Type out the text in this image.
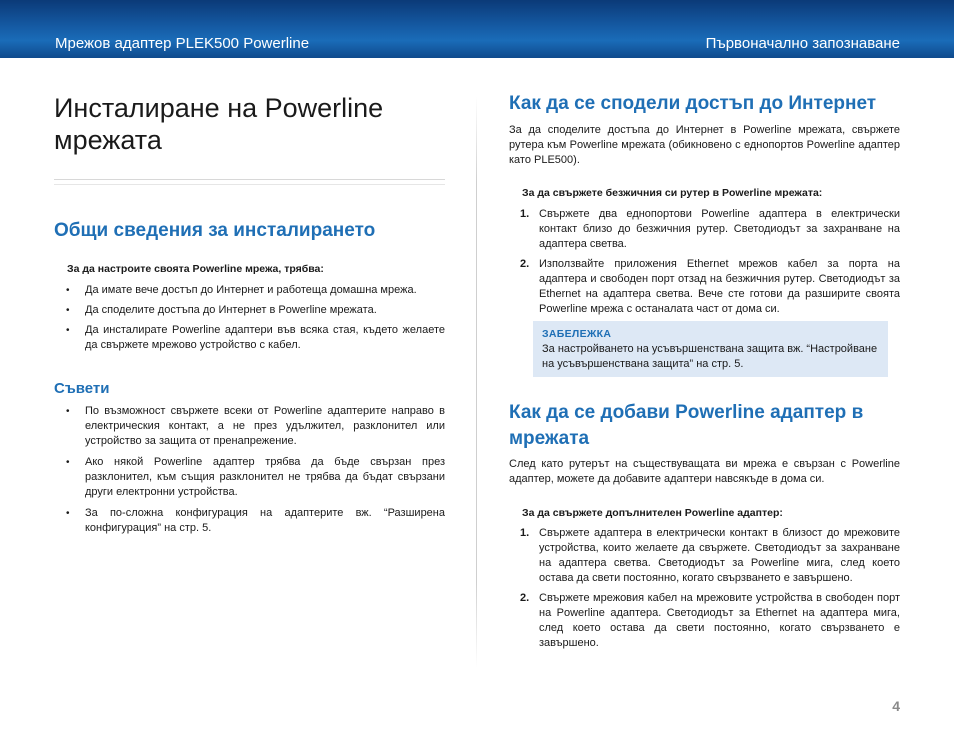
Мрежов адаптер PLEK500 Powerline	Първоначално запознаване
Инсталиране на Powerline мрежата
Общи сведения за инсталирането
За да настроите своята Powerline мрежа, трябва:
• Да имате вече достъп до Интернет и работеща домашна мрежа.
• Да споделите достъпа до Интернет в Powerline мрежата.
• Да инсталирате Powerline адаптери във всяка стая, където желаете да свържете мрежово устройство с кабел.
Съвети
• По възможност свържете всеки от Powerline адаптерите направо в електрическия контакт, а не през удължител, разклонител или устройство за защита от пренапрежение.
• Ако някой Powerline адаптер трябва да бъде свързан през разклонител, към същия разклонител не трябва да бъдат свързани други електронни устройства.
• За по-сложна конфигурация на адаптерите вж. “Разширена конфигурация” на стр. 5.
Как да се сподели достъп до Интернет
За да споделите достъпа до Интернет в Powerline мрежата, свържете рутера към Powerline мрежата (обикновено с еднопортов Powerline адаптер като PLE500).
За да свържете безжичния си рутер в Powerline мрежата:
1. Свържете два еднопортови Powerline адаптера в електрически контакт близо до безжичния рутер. Светодиодът за захранване на адаптера светва.
2. Използвайте приложения Ethernet мрежов кабел за порта на адаптера и свободен порт отзад на безжичния рутер. Светодиодът за Ethernet на адаптера светва. Вече сте готови да разширите своята Powerline мрежа с останалата част от дома си.
ЗАБЕЛЕЖКА
За настройването на усъвършенствана защита вж. “Настройване на усъвършенствана защита” на стр. 5.
Как да се добави Powerline адаптер в мрежата
След като рутерът на съществуващата ви мрежа е свързан с Powerline адаптер, можете да добавите адаптери навсякъде в дома си.
За да свържете допълнителен Powerline адаптер:
1. Свържете адаптера в електрически контакт в близост до мрежовите устройства, които желаете да свържете. Светодиодът за захранване на адаптера светва. Светодиодът за Powerline мига, след което остава да свети постоянно, когато свързването е завършено.
2. Свържете мрежовия кабел на мрежовите устройства в свободен порт на Powerline адаптера. Светодиодът за Ethernet на адаптера мига, след което остава да свети постоянно, когато свързването е завършено.
4
